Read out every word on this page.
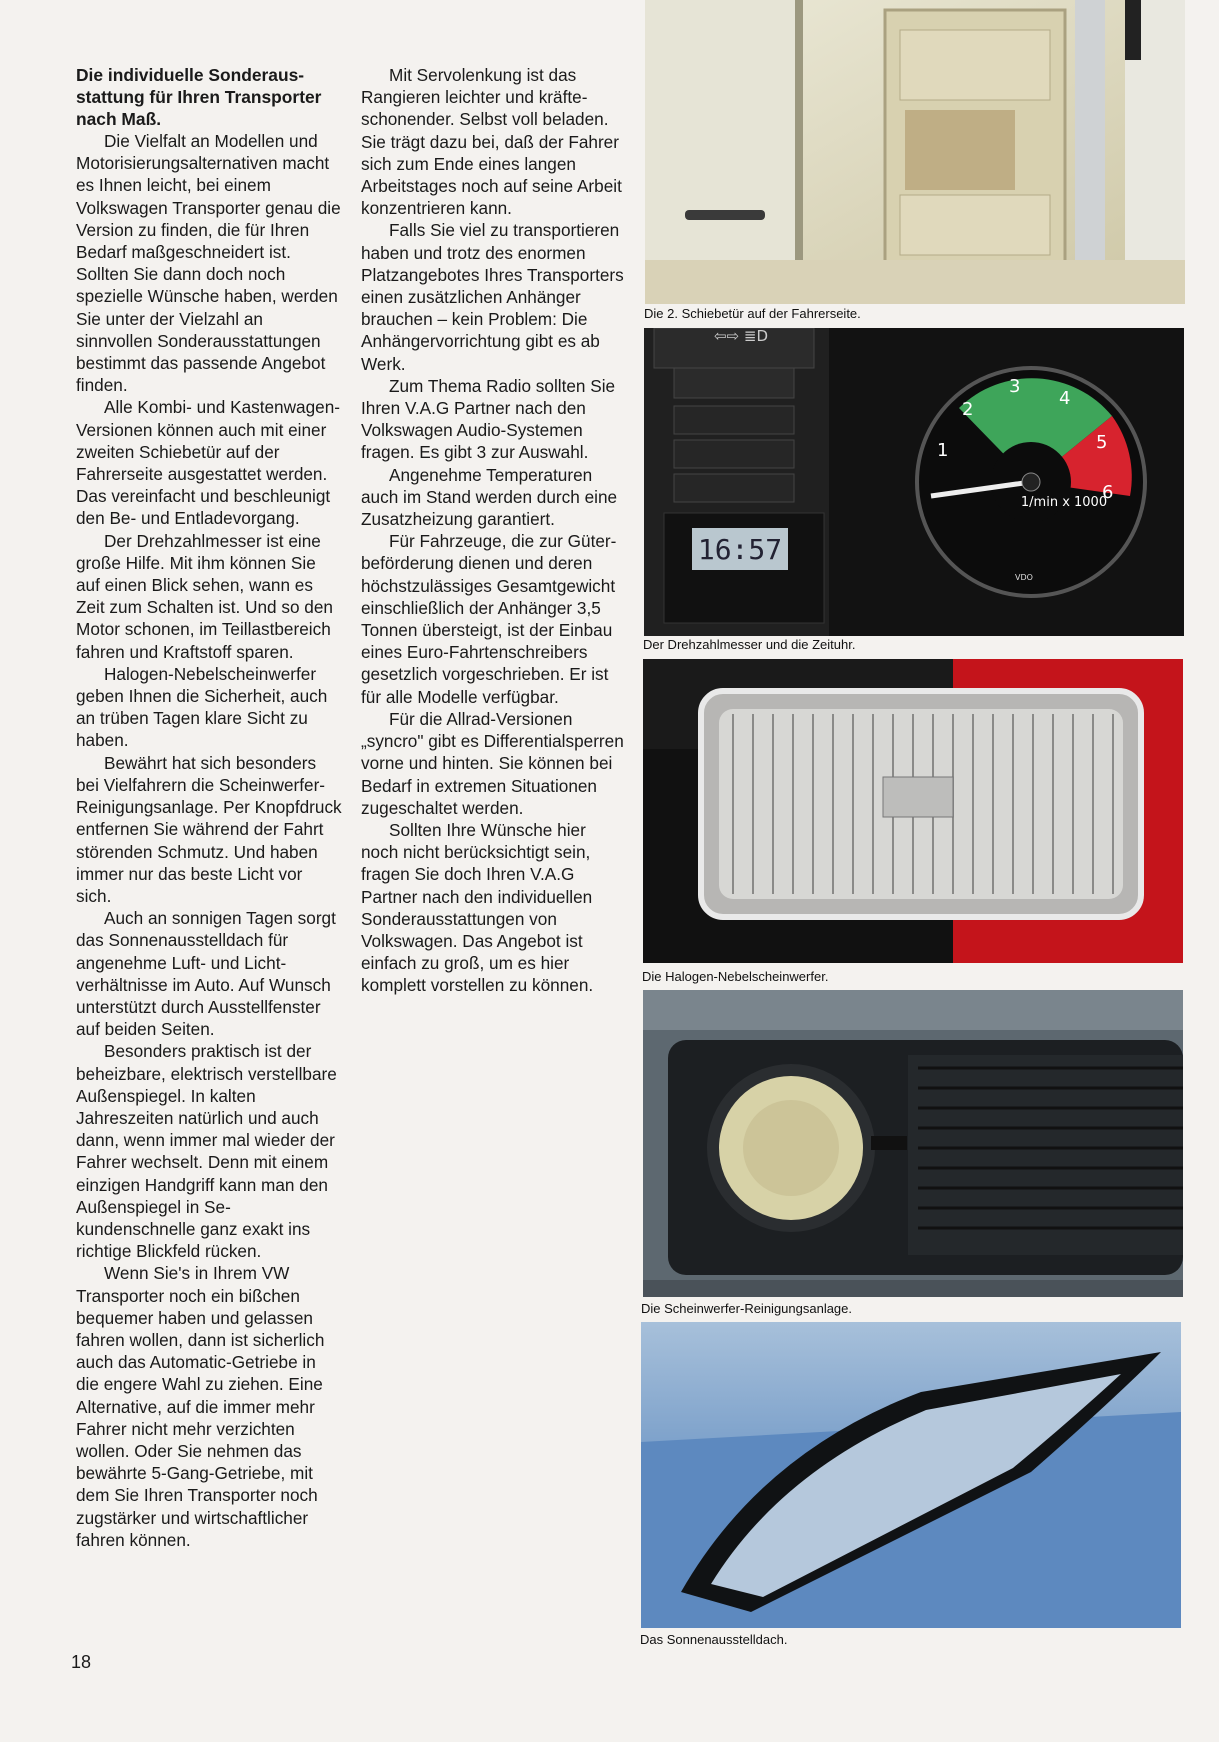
Die individuelle Sonderausstattung für Ihren Transporter nach Maß.

Die Vielfalt an Modellen und Motorisierungsalternativen macht es Ihnen leicht, bei einem Volkswagen Transporter genau die Version zu finden, die für Ihren Bedarf maßgeschneidert ist. Sollten Sie dann doch noch spezielle Wünsche haben, werden Sie unter der Vielzahl an sinnvollen Sonderausstattungen bestimmt das passende Angebot finden.

Alle Kombi- und Kastenwagen-Versionen können auch mit einer zweiten Schiebetür auf der Fahrerseite ausgestattet werden. Das vereinfacht und beschleunigt den Be- und Entladevorgang.

Der Drehzahlmesser ist eine große Hilfe. Mit ihm können Sie auf einen Blick sehen, wann es Zeit zum Schalten ist. Und so den Motor schonen, im Teillastbereich fahren und Kraftstoff sparen.

Halogen-Nebelscheinwerfer geben Ihnen die Sicherheit, auch an trüben Tagen klare Sicht zu haben.

Bewährt hat sich besonders bei Vielfahrern die Scheinwerfer-Reinigungsanlage. Per Knopfdruck entfernen Sie während der Fahrt störenden Schmutz. Und haben immer nur das beste Licht vor sich.

Auch an sonnigen Tagen sorgt das Sonnenausstelldach für angenehme Luft- und Lichtverhältnisse im Auto. Auf Wunsch unterstützt durch Ausstellfenster auf beiden Seiten.

Besonders praktisch ist der beheizbare, elektrisch verstellbare Außenspiegel. In kalten Jahreszeiten natürlich und auch dann, wenn immer mal wieder der Fahrer wechselt. Denn mit einem einzigen Handgriff kann man den Außenspiegel in Sekundenschnelle ganz exakt ins richtige Blickfeld rücken.

Wenn Sie's in Ihrem VW Transporter noch ein bißchen bequemer haben und gelassen fahren wollen, dann ist sicherlich auch das Automatic-Getriebe in die engere Wahl zu ziehen. Eine Alternative, auf die immer mehr Fahrer nicht mehr verzichten wollen. Oder Sie nehmen das bewährte 5-Gang-Getriebe, mit dem Sie Ihren Transporter noch zugstärker und wirtschaftlicher fahren können.

Mit Servolenkung ist das Rangieren leichter und kräfteschonender. Selbst voll beladen. Sie trägt dazu bei, daß der Fahrer sich zum Ende eines langen Arbeitstages noch auf seine Arbeit konzentrieren kann.

Falls Sie viel zu transportieren haben und trotz des enormen Platzangebotes Ihres Transporters einen zusätzlichen Anhänger brauchen – kein Problem: Die Anhängervorrichtung gibt es ab Werk.

Zum Thema Radio sollten Sie Ihren V.A.G Partner nach den Volkswagen Audio-Systemen fragen. Es gibt 3 zur Auswahl.

Angenehme Temperaturen auch im Stand werden durch eine Zusatzheizung garantiert.

Für Fahrzeuge, die zur Güterbeförderung dienen und deren höchstzulässiges Gesamtgewicht einschließlich der Anhänger 3,5 Tonnen übersteigt, ist der Einbau eines Euro-Fahrtenschreibers gesetzlich vorgeschrieben. Er ist für alle Modelle verfügbar.

Für die Allrad-Versionen „syncro" gibt es Differentialsperren vorne und hinten. Sie können bei Bedarf in extremen Situationen zugeschaltet werden.

Sollten Ihre Wünsche hier noch nicht berücksichtigt sein, fragen Sie doch Ihren V.A.G Partner nach den individuellen Sonderausstattungen von Volkswagen. Das Angebot ist einfach zu groß, um es hier komplett vorstellen zu können.

18
Die 2. Schiebetür auf der Fahrerseite.
⇦⇨ ≣D
16:57
1
2
3
4
5
6
1/min x 1000
VDO
Der Drehzahlmesser und die Zeituhr.
Die Halogen-Nebelscheinwerfer.
Die Scheinwerfer-Reinigungsanlage.
Das Sonnenausstelldach.
